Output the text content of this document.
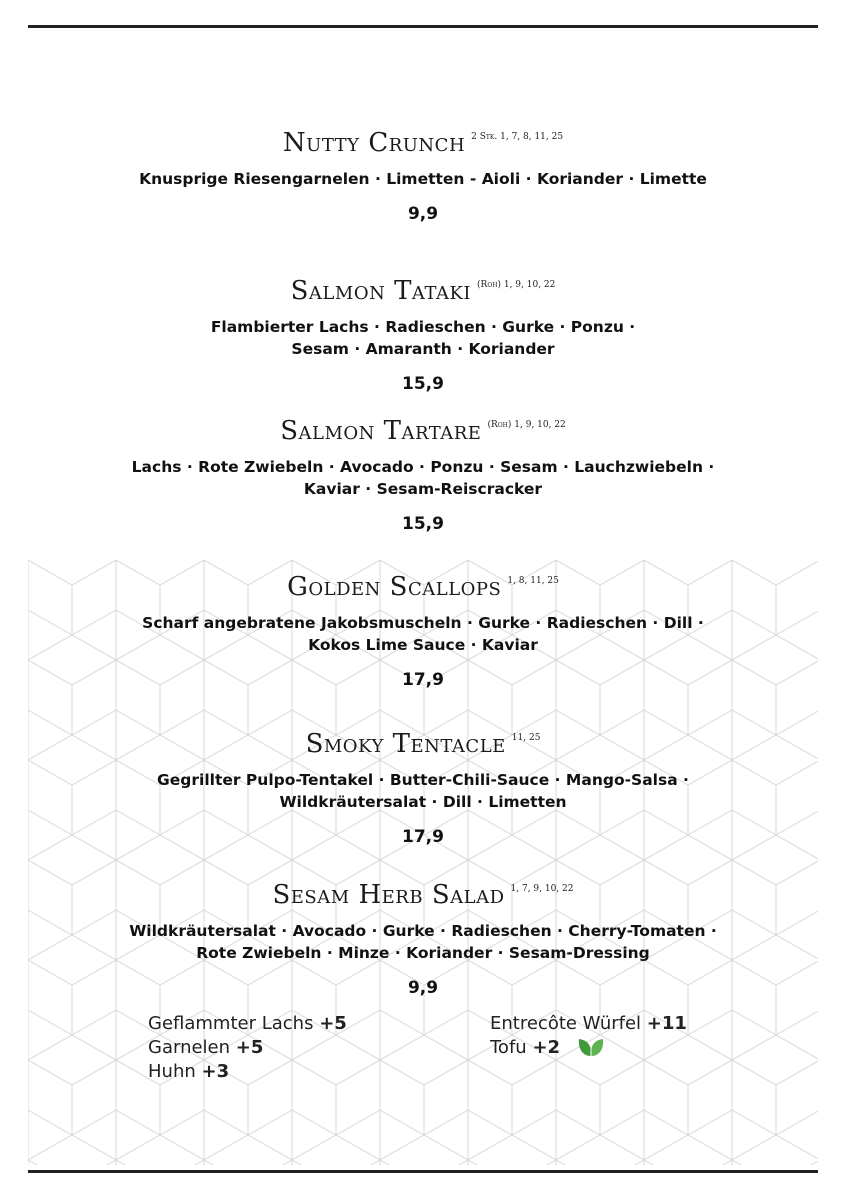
Nutty Crunch $^{2 Stk. 1, 7, 8, 11, 25}$
Knusprige Riesengarnelen · Limetten - Aioli · Koriander · Limette
9,9
Salmon Tataki $^{(Roh) 1, 9, 10, 22}$
Flambierter Lachs · Radieschen · Gurke · Ponzu ·
Sesam · Amaranth · Koriander
15,9
Salmon Tartare $^{(Roh) 1, 9, 10, 22}$
Lachs · Rote Zwiebeln · Avocado · Ponzu · Sesam · Lauchzwiebeln ·
Kaviar · Sesam-Reiscracker
15,9
Golden Scallops $^{1, 8, 11, 25}$
Scharf angebratene Jakobsmuscheln · Gurke · Radieschen · Dill ·
Kokos Lime Sauce · Kaviar
17,9
Smoky Tentacle $^{11, 25}$
Gegrillter Pulpo-Tentakel · Butter-Chili-Sauce · Mango-Salsa ·
Wildkräutersalat · Dill · Limetten
17,9
Sesam Herb Salad $^{1, 7, 9, 10, 22}$
Wildkräutersalat · Avocado · Gurke · Radieschen · Cherry-Tomaten ·
Rote Zwiebeln · Minze · Koriander · Sesam-Dressing
9,9
Geflammter Lachs +5
Garnelen +5
Huhn +3
Entrecôte Würfel +11
Tofu +2
